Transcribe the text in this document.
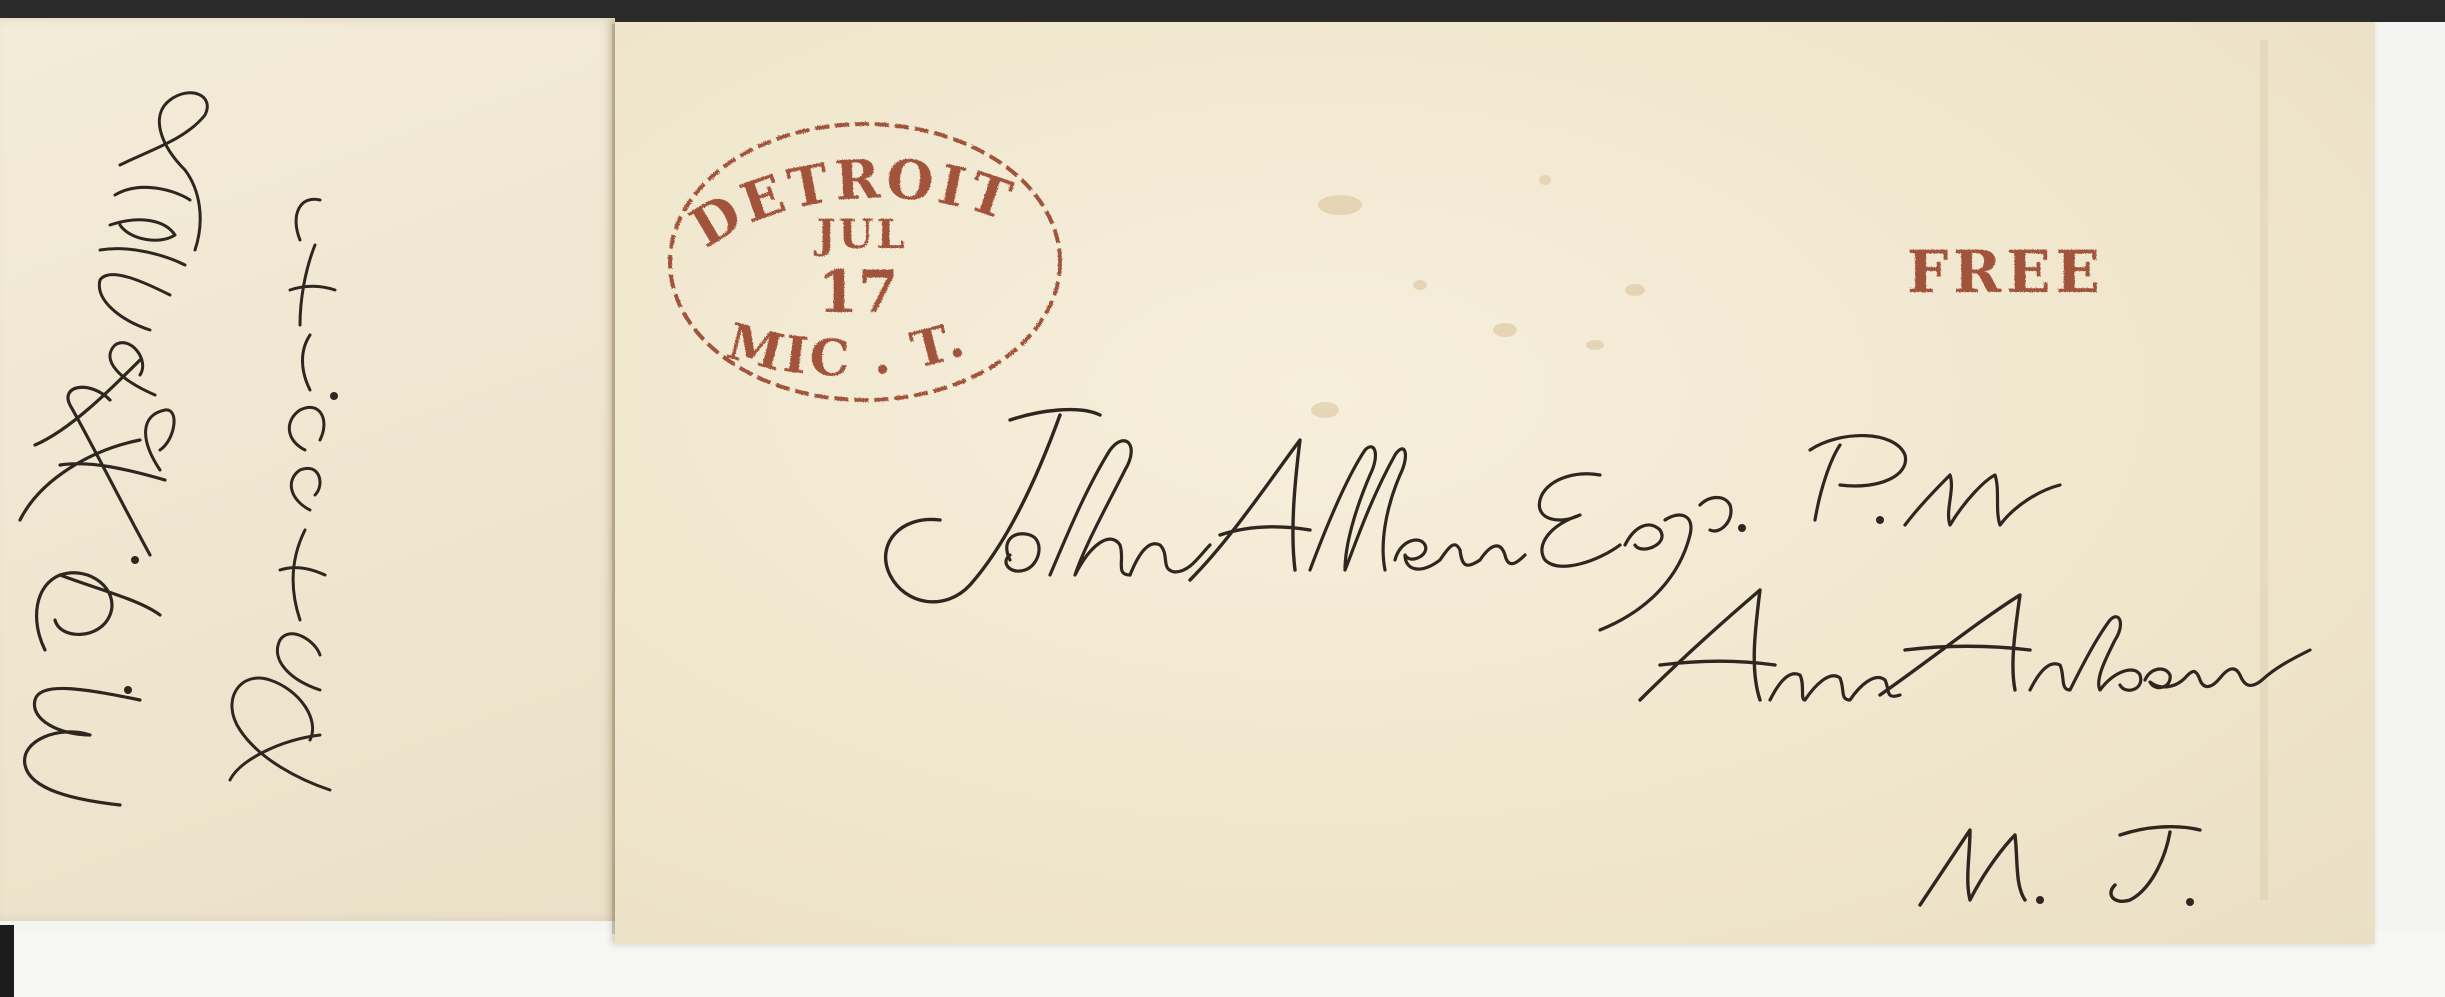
DETROIT
JUL
17
MIC . T.
FREE
